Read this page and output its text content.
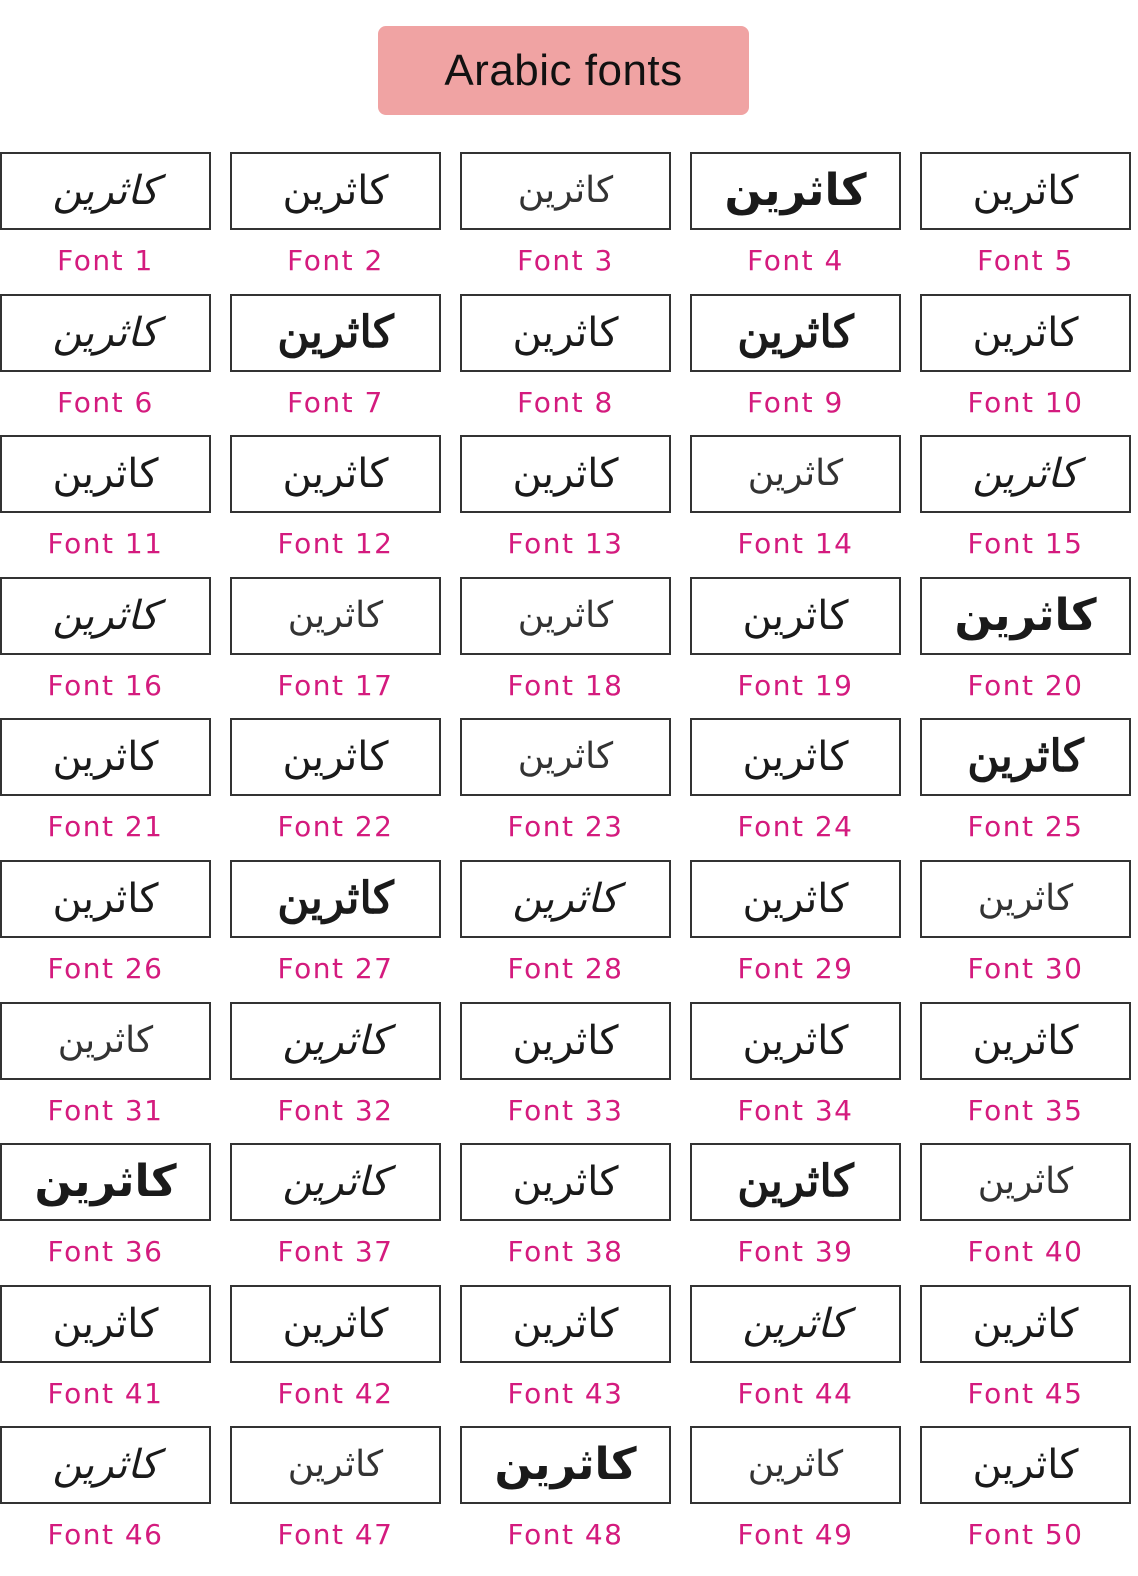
Arabic fonts
كاثرين
Font 1
كاثرين
Font 2
كاثرين
Font 3
كاثرين
Font 4
كاثرين
Font 5
كاثرين
Font 6
كاثرين
Font 7
كاثرين
Font 8
كاثرين
Font 9
كاثرين
Font 10
كاثرين
Font 11
كاثرين
Font 12
كاثرين
Font 13
كاثرين
Font 14
كاثرين
Font 15
كاثرين
Font 16
كاثرين
Font 17
كاثرين
Font 18
كاثرين
Font 19
كاثرين
Font 20
كاثرين
Font 21
كاثرين
Font 22
كاثرين
Font 23
كاثرين
Font 24
كاثرين
Font 25
كاثرين
Font 26
كاثرين
Font 27
كاثرين
Font 28
كاثرين
Font 29
كاثرين
Font 30
كاثرين
Font 31
كاثرين
Font 32
كاثرين
Font 33
كاثرين
Font 34
كاثرين
Font 35
كاثرين
Font 36
كاثرين
Font 37
كاثرين
Font 38
كاثرين
Font 39
كاثرين
Font 40
كاثرين
Font 41
كاثرين
Font 42
كاثرين
Font 43
كاثرين
Font 44
كاثرين
Font 45
كاثرين
Font 46
كاثرين
Font 47
كاثرين
Font 48
كاثرين
Font 49
كاثرين
Font 50
